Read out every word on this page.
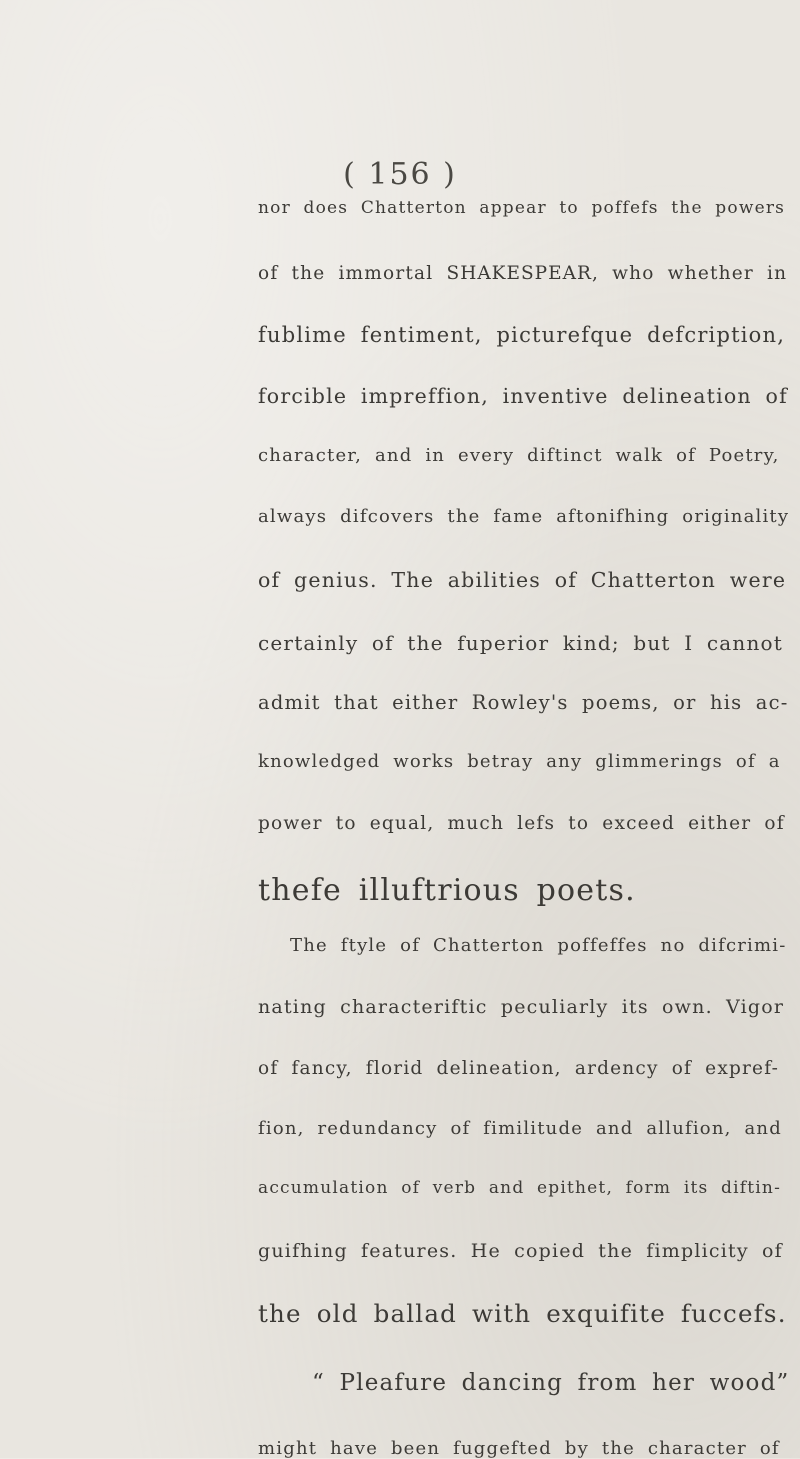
( 156 )

nor does Chatterton appear to poffefs the powers

of the immortal SHAKESPEAR, who whether in

fublime fentiment, picturefque defcription,

forcible impreffion, inventive delineation of

character, and in every diftinct walk of Poetry,

always difcovers the fame aftonifhing originality

of genius. The abilities of Chatterton were

certainly of the fuperior kind; but I cannot

admit that either Rowley's poems, or his ac-

knowledged works betray any glimmerings of a

power to equal, much lefs to exceed either of

thefe illuftrious poets.

The ftyle of Chatterton poffeffes no difcrimi-

nating characteriftic peculiarly its own. Vigor

of fancy, florid delineation, ardency of expref-

fion, redundancy of fimilitude and allufion, and

accumulation of verb and epithet, form its diftin-

guifhing features. He copied the fimplicity of

the old ballad with exquifite fuccefs.

“ Pleafure dancing from her wood”

might have been fuggefted by the character of
